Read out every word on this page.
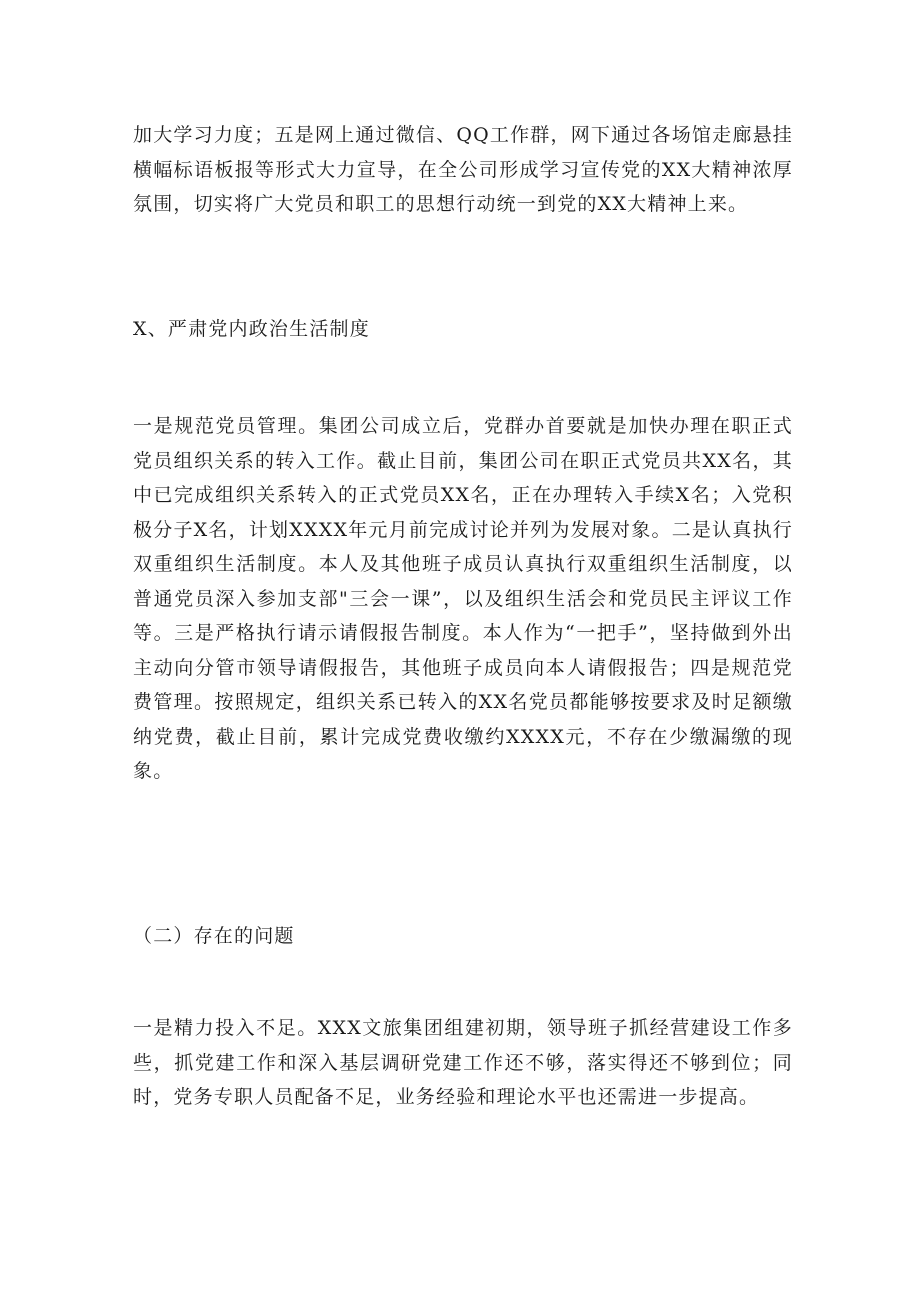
加大学习力度；五是网上通过微信、QQ工作群，网下通过各场馆走廊悬挂横幅标语板报等形式大力宣导，在全公司形成学习宣传党的XX大精神浓厚氛围，切实将广大党员和职工的思想行动统一到党的XX大精神上来。

X、严肃党内政治生活制度

一是规范党员管理。集团公司成立后，党群办首要就是加快办理在职正式党员组织关系的转入工作。截止目前，集团公司在职正式党员共XX名，其中已完成组织关系转入的正式党员XX名，正在办理转入手续X名；入党积极分子X名，计划XXXX年元月前完成讨论并列为发展对象。二是认真执行双重组织生活制度。本人及其他班子成员认真执行双重组织生活制度，以普通党员深入参加支部"三会一课”，以及组织生活会和党员民主评议工作等。三是严格执行请示请假报告制度。本人作为“一把手”，坚持做到外出主动向分管市领导请假报告，其他班子成员向本人请假报告；四是规范党费管理。按照规定，组织关系已转入的XX名党员都能够按要求及时足额缴纳党费，截止目前，累计完成党费收缴约XXXX元，不存在少缴漏缴的现象。

（二）存在的问题

一是精力投入不足。XXX文旅集团组建初期，领导班子抓经营建设工作多些，抓党建工作和深入基层调研党建工作还不够，落实得还不够到位；同时，党务专职人员配备不足，业务经验和理论水平也还需进一步提高。
